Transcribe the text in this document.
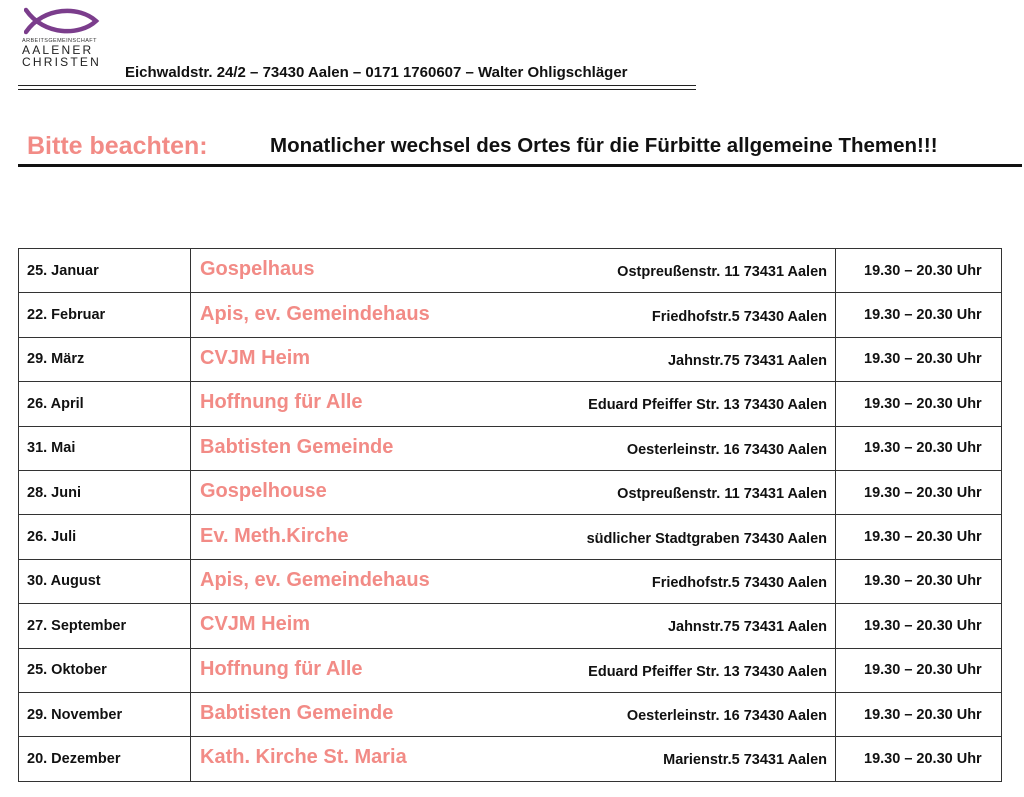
ARBEITSGEMEINSCHAFT
AALENER
CHRISTEN
Eichwaldstr. 24/2 – 73430 Aalen – 0171 1760607 – Walter Ohligschläger
Bitte beachten:	Monatlicher wechsel des Ortes für die Fürbitte allgemeine Themen!!!
25. Januar	Gospelhaus Ostpreußenstr. 11 73431 Aalen	19.30 – 20.30 Uhr
22. Februar	Apis, ev. Gemeindehaus Friedhofstr.5 73430 Aalen	19.30 – 20.30 Uhr
29. März	CVJM Heim Jahnstr.75 73431 Aalen	19.30 – 20.30 Uhr
26. April	Hoffnung für Alle Eduard Pfeiffer Str. 13 73430 Aalen	19.30 – 20.30 Uhr
31. Mai	Babtisten Gemeinde Oesterleinstr. 16 73430 Aalen	19.30 – 20.30 Uhr
28. Juni	Gospelhouse Ostpreußenstr. 11 73431 Aalen	19.30 – 20.30 Uhr
26. Juli	Ev. Meth.Kirche südlicher Stadtgraben 73430 Aalen	19.30 – 20.30 Uhr
30. August	Apis, ev. Gemeindehaus Friedhofstr.5 73430 Aalen	19.30 – 20.30 Uhr
27. September	CVJM Heim Jahnstr.75 73431 Aalen	19.30 – 20.30 Uhr
25. Oktober	Hoffnung für Alle Eduard Pfeiffer Str. 13 73430 Aalen	19.30 – 20.30 Uhr
29. November	Babtisten Gemeinde Oesterleinstr. 16 73430 Aalen	19.30 – 20.30 Uhr
20. Dezember	Kath. Kirche St. Maria Marienstr.5 73431 Aalen	19.30 – 20.30 Uhr
